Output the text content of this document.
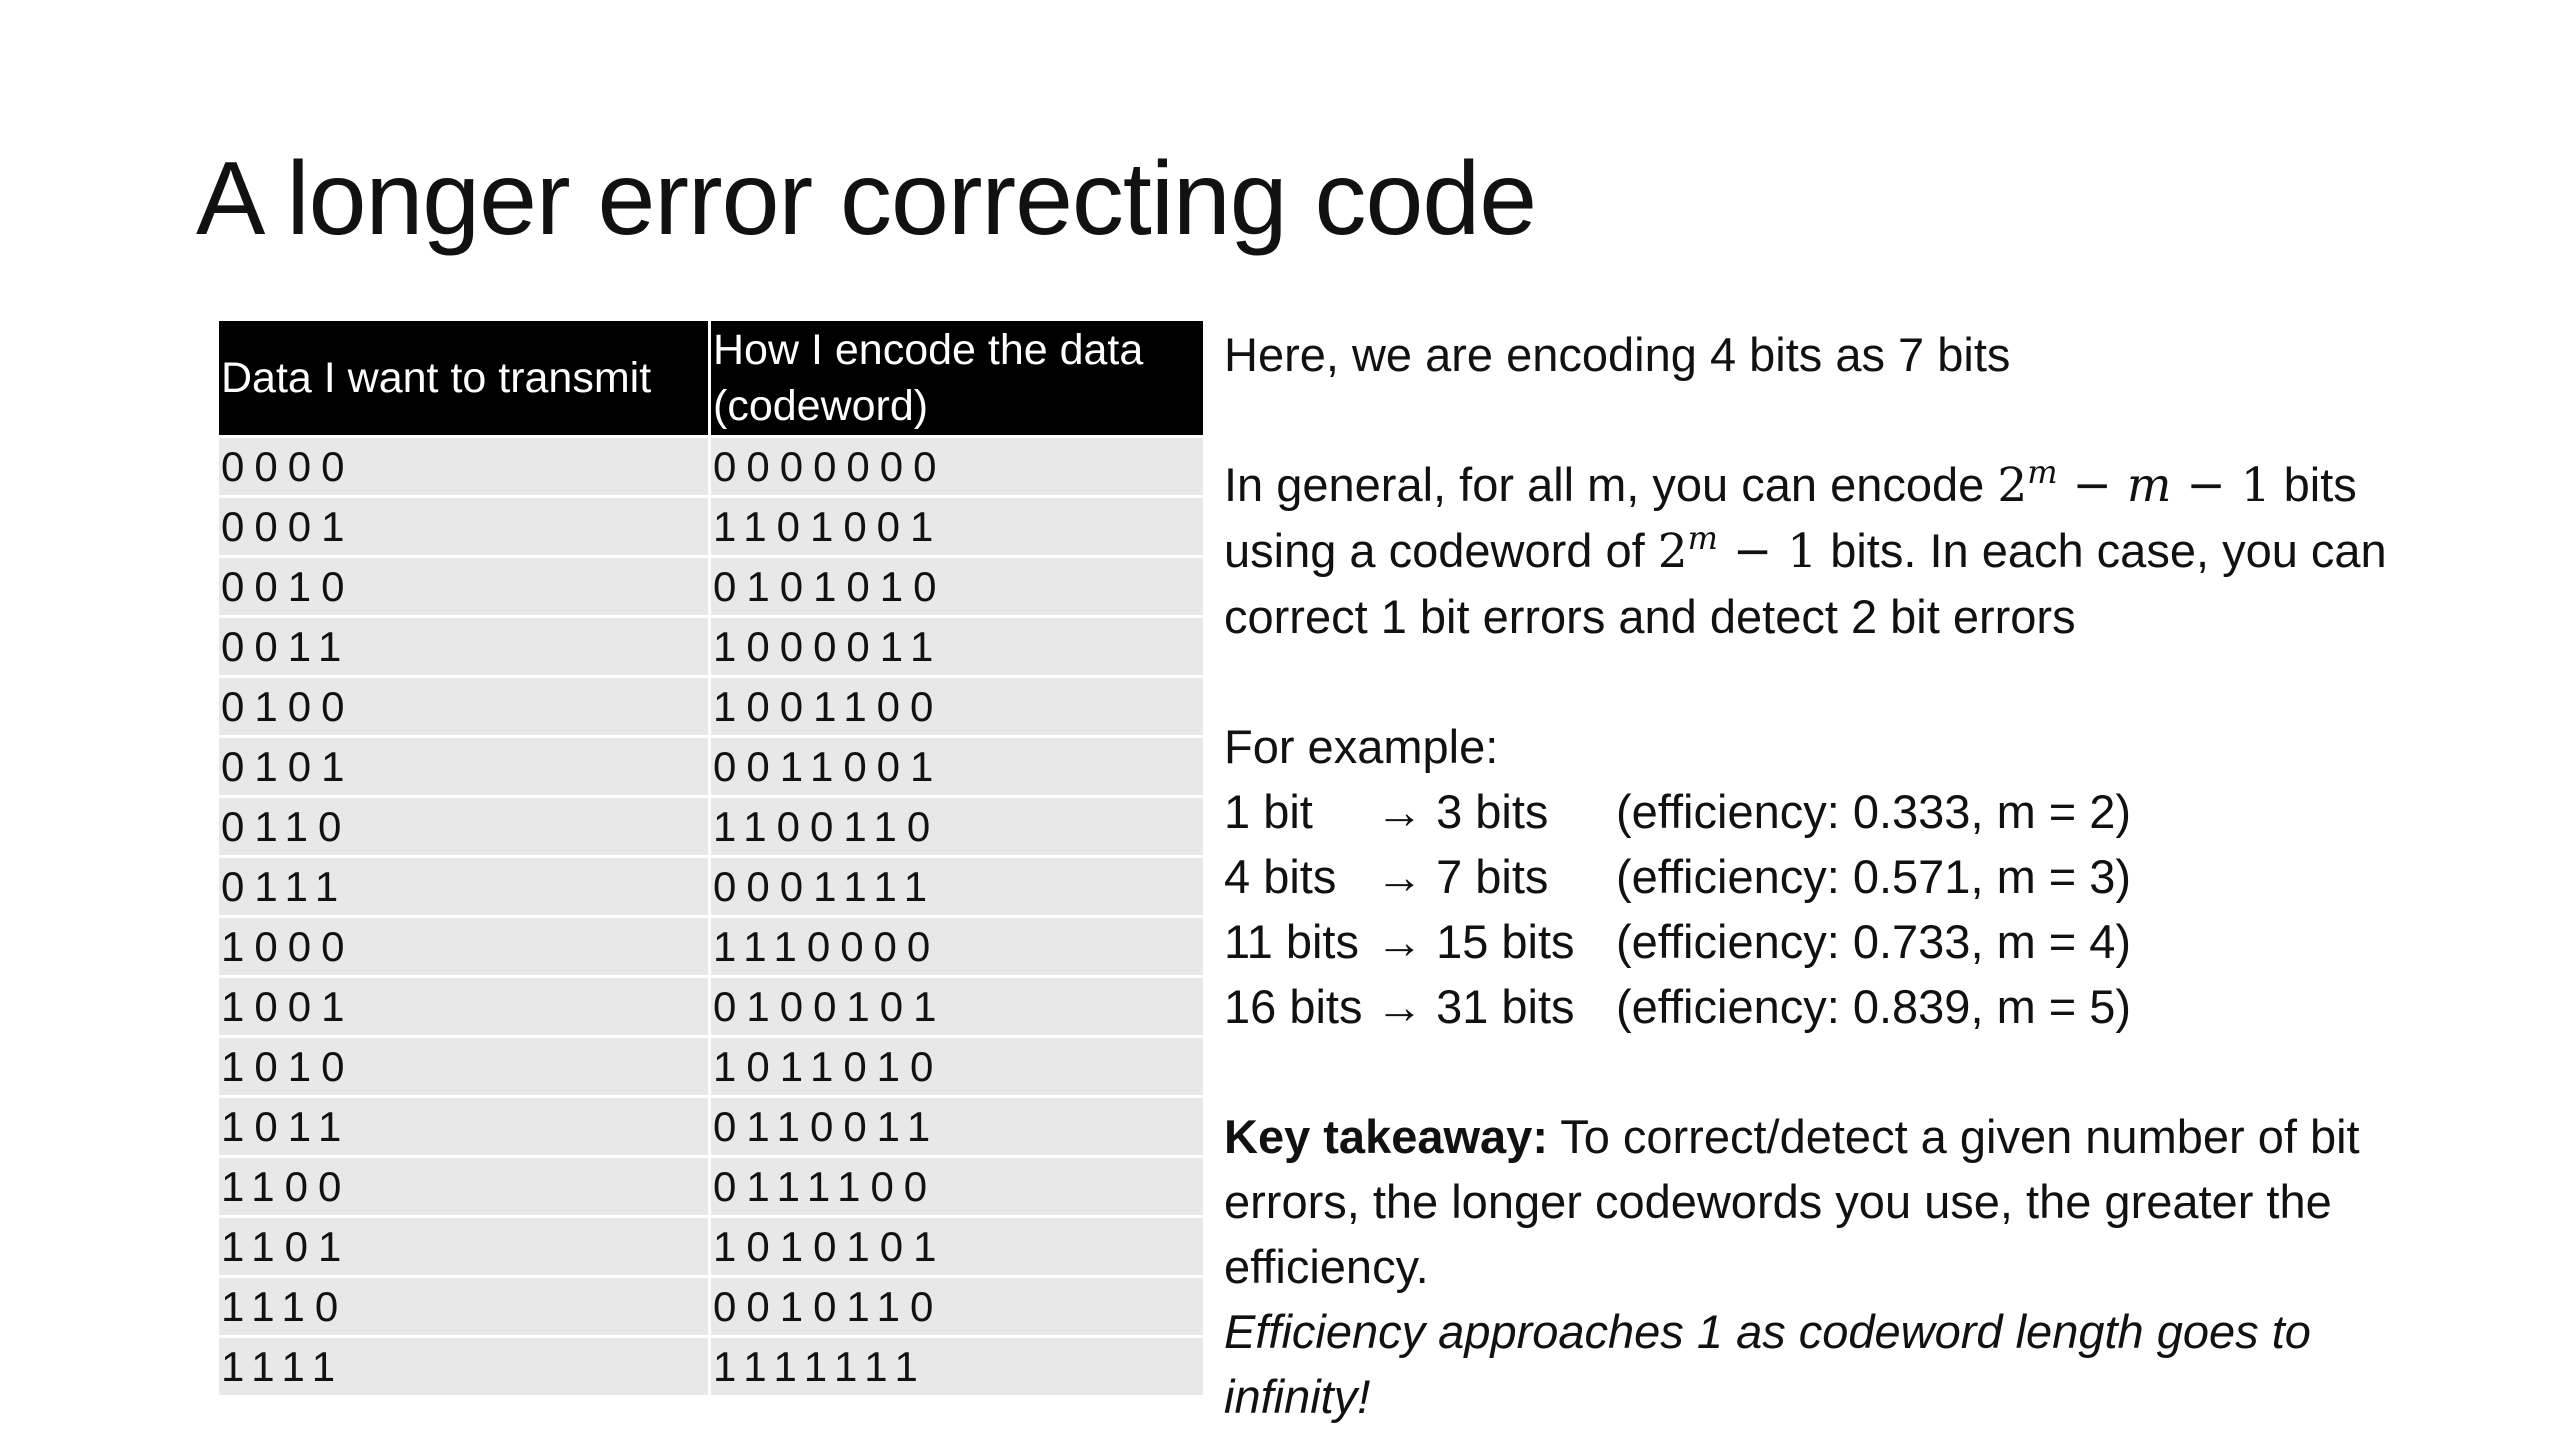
A longer error correcting code
Data I want to transmit	How I encode the data
(codeword)
0000	0000000
0001	1101001
0010	0101010
0011	1000011
0100	1001100
0101	0011001
0110	1100110
0111	0001111
1000	1110000
1001	0100101
1010	1011010
1011	0110011
1100	0111100
1101	1010101
1110	0010110
1111	1111111

Here, we are encoding 4 bits as 7 bits

In general, for all m, you can encode $2^m - m - 1$ bits

using a codeword of $2^m - 1$ bits. In each case, you can

correct 1 bit errors and detect 2 bit errors

For example:

1 bit → 3 bits (efficiency: 0.333, m = 2)

4 bits → 7 bits (efficiency: 0.571, m = 3)

11 bits → 15 bits (efficiency: 0.733, m = 4)

16 bits → 31 bits (efficiency: 0.839, m = 5)

Key takeaway: To correct/detect a given number of bit

errors, the longer codewords you use, the greater the

efficiency.

Efficiency approaches 1 as codeword length goes to

infinity!
